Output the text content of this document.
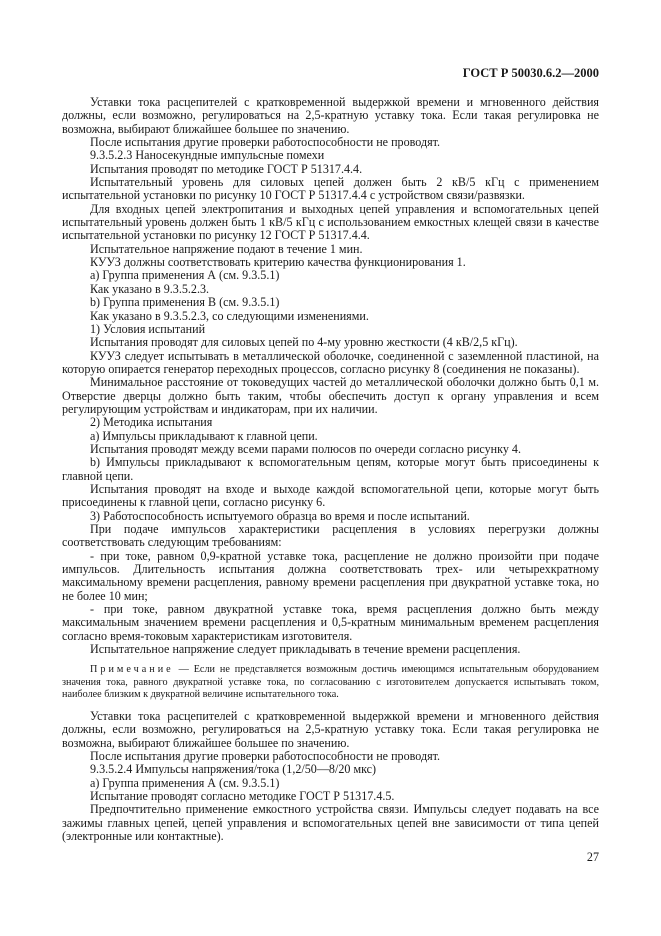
ГОСТ Р 50030.6.2—2000

Уставки тока расцепителей с кратковременной выдержкой времени и мгновенного действия должны, если возможно, регулироваться на 2,5-кратную уставку тока. Если такая регулировка не возможна, выбирают ближайшее большее по значению.

После испытания другие проверки работоспособности не проводят.

9.3.5.2.3 Наносекундные импульсные помехи

Испытания проводят по методике ГОСТ Р 51317.4.4.

Испытательный уровень для силовых цепей должен быть 2 кВ/5 кГц с применением испытательной установки по рисунку 10 ГОСТ Р 51317.4.4 с устройством связи/развязки.

Для входных цепей электропитания и выходных цепей управления и вспомогательных цепей испытательный уровень должен быть 1 кВ/5 кГц с использованием емкостных клещей связи в качестве испытательной установки по рисунку 12 ГОСТ Р 51317.4.4.

Испытательное напряжение подают в течение 1 мин.

КУУЗ должны соответствовать критерию качества функционирования 1.

а) Группа применения А (см. 9.3.5.1)

Как указано в 9.3.5.2.3.

b) Группа применения В (см. 9.3.5.1)

Как указано в 9.3.5.2.3, со следующими изменениями.

1) Условия испытаний

Испытания проводят для силовых цепей по 4-му уровню жесткости (4 кВ/2,5 кГц).

КУУЗ следует испытывать в металлической оболочке, соединенной с заземленной пластиной, на которую опирается генератор переходных процессов, согласно рисунку 8 (соединения не показаны).

Минимальное расстояние от токоведущих частей до металлической оболочки должно быть 0,1 м. Отверстие дверцы должно быть таким, чтобы обеспечить доступ к органу управления и всем регулирующим устройствам и индикаторам, при их наличии.

2) Методика испытания

а) Импульсы прикладывают к главной цепи.

Испытания проводят между всеми парами полюсов по очереди согласно рисунку 4.

b) Импульсы прикладывают к вспомогательным цепям, которые могут быть присоединены к главной цепи.

Испытания проводят на входе и выходе каждой вспомогательной цепи, которые могут быть присоединены к главной цепи, согласно рисунку 6.

3) Работоспособность испытуемого образца во время и после испытаний.

При подаче импульсов характеристики расцепления в условиях перегрузки должны соответствовать следующим требованиям:

- при токе, равном 0,9-кратной уставке тока, расцепление не должно произойти при подаче импульсов. Длительность испытания должна соответствовать трех- или четырехкратному максимальному времени расцепления, равному времени расцепления при двукратной уставке тока, но не более 10 мин;

- при токе, равном двукратной уставке тока, время расцепления должно быть между максимальным значением времени расцепления и 0,5-кратным минимальным временем расцепления согласно время-токовым характеристикам изготовителя.

Испытательное напряжение следует прикладывать в течение времени расцепления.

Примечание — Если не представляется возможным достичь имеющимся испытательным оборудованием значения тока, равного двукратной уставке тока, по согласованию с изготовителем допускается испытывать током, наиболее близким к двукратной величине испытательного тока.

Уставки тока расцепителей с кратковременной выдержкой времени и мгновенного действия должны, если возможно, регулироваться на 2,5-кратную уставку тока. Если такая регулировка не возможна, выбирают ближайшее большее по значению.

После испытания другие проверки работоспособности не проводят.

9.3.5.2.4 Импульсы напряжения/тока (1,2/50—8/20 мкс)

а) Группа применения А (см. 9.3.5.1)

Испытание проводят согласно методике ГОСТ Р 51317.4.5.

Предпочтительно применение емкостного устройства связи. Импульсы следует подавать на все зажимы главных цепей, цепей управления и вспомогательных цепей вне зависимости от типа цепей (электронные или контактные).

27
